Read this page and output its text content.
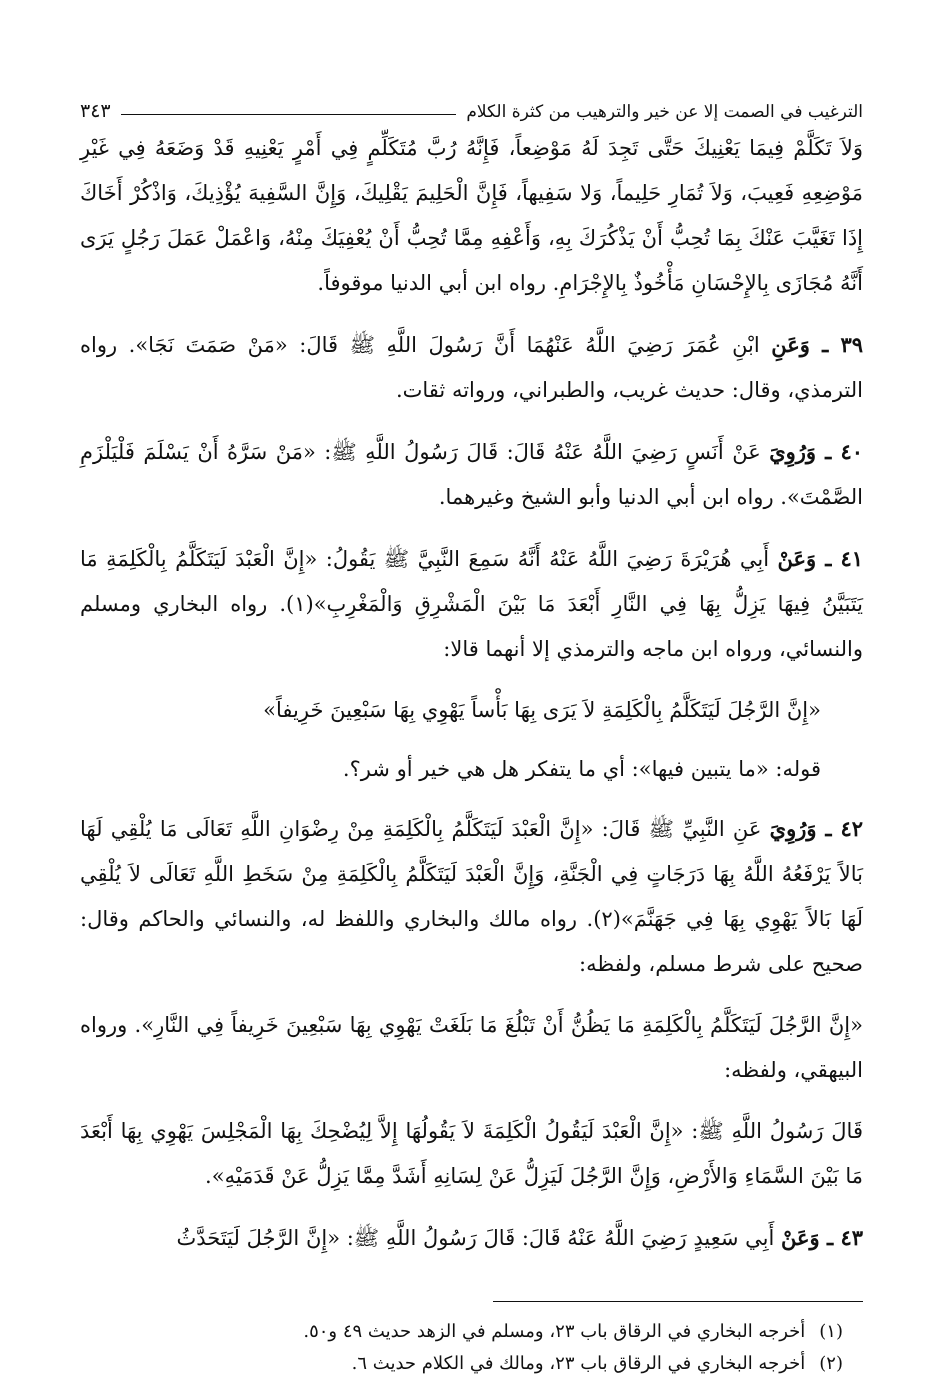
الترغيب في الصمت إلا عن خير والترهيب من كثرة الكلام
٣٤٣

وَلاَ تَكَلَّمْ فِيمَا يَعْنِيكَ حَتَّى تَجِدَ لَهُ مَوْضِعاً، فَإِنَّهُ رُبَّ مُتَكَلِّمٍ فِي أَمْرٍ يَعْنِيهِ قَدْ وَضَعَهُ فِي غَيْرِ مَوْضِعِهِ فَعِيبَ، وَلاَ تُمَارِ حَلِيماً، وَلا سَفِيهاً، فَإِنَّ الْحَلِيمَ يَقْلِيكَ، وَإِنَّ السَّفِيهَ يُؤْذِيكَ، وَاذْكُرْ أَخَاكَ إِذَا تَغَيَّبَ عَنْكَ بِمَا تُحِبُّ أَنْ يَذْكُرَكَ بِهِ، وَأَعْفِهِ مِمَّا تُحِبُّ أَنْ يُعْفِيَكَ مِنْهُ، وَاعْمَلْ عَمَلَ رَجُلٍ يَرَى أَنَّهُ مُجَازَى بِالإِحْسَانِ مَأْخُوذٌ بِالإِجْرَامِ. رواه ابن أبي الدنيا موقوفاً.

٣٩ ـ وَعَنِ ابْنِ عُمَرَ رَضِيَ اللَّهُ عَنْهُمَا أَنَّ رَسُولَ اللَّهِ ﷺ قَالَ: «مَنْ صَمَتَ نَجَا». رواه الترمذي، وقال: حديث غريب، والطبراني، ورواته ثقات.

٤٠ ـ وَرُوِيَ عَنْ أَنَسٍ رَضِيَ اللَّهُ عَنْهُ قَالَ: قَالَ رَسُولُ اللَّهِ ﷺ: «مَنْ سَرَّهُ أَنْ يَسْلَمَ فَلْيَلْزَمِ الصَّمْتَ». رواه ابن أبي الدنيا وأبو الشيخ وغيرهما.

٤١ ـ وَعَنْ أَبِي هُرَيْرَةَ رَضِيَ اللَّهُ عَنْهُ أَنَّهُ سَمِعَ النَّبِيَّ ﷺ يَقُولُ: «إِنَّ الْعَبْدَ لَيَتَكَلَّمُ بِالْكَلِمَةِ مَا يَتَبَيَّنُ فِيهَا يَزِلُّ بِهَا فِي النَّارِ أَبْعَدَ مَا بَيْنَ الْمَشْرِقِ وَالْمَغْرِبِ»(١). رواه البخاري ومسلم والنسائي، ورواه ابن ماجه والترمذي إلا أنهما قالا:

«إِنَّ الرَّجُلَ لَيَتَكَلَّمُ بِالْكَلِمَةِ لاَ يَرَى بِهَا بَأْساً يَهْوِي بِهَا سَبْعِينَ خَرِيفاً»

قوله: «ما يتبين فيها»: أي ما يتفكر هل هي خير أو شر؟.

٤٢ ـ وَرُوِيَ عَنِ النَّبِيِّ ﷺ قَالَ: «إِنَّ الْعَبْدَ لَيَتَكَلَّمُ بِالْكَلِمَةِ مِنْ رِضْوَانِ اللَّهِ تَعَالَى مَا يُلْقِي لَهَا بَالاً يَرْفَعُهُ اللَّهُ بِهَا دَرَجَاتٍ فِي الْجَنَّةِ، وَإِنَّ الْعَبْدَ لَيَتَكَلَّمُ بِالْكَلِمَةِ مِنْ سَخَطِ اللَّهِ تَعَالَى لاَ يُلْقِي لَهَا بَالاً يَهْوِي بِهَا فِي جَهَنَّمَ»(٢). رواه مالك والبخاري واللفظ له، والنسائي والحاكم وقال: صحيح على شرط مسلم، ولفظه:

«إِنَّ الرَّجُلَ لَيَتَكَلَّمُ بِالْكَلِمَةِ مَا يَظُنُّ أَنْ تَبْلُغَ مَا بَلَغَتْ يَهْوِي بِهَا سَبْعِينَ خَرِيفاً فِي النَّارِ». ورواه البيهقي، ولفظه:

قَالَ رَسُولُ اللَّهِ ﷺ: «إِنَّ الْعَبْدَ لَيَقُولُ الْكَلِمَةَ لاَ يَقُولُهَا إِلاَّ لِيُضْحِكَ بِهَا الْمَجْلِسَ يَهْوِي بِهَا أَبْعَدَ مَا بَيْنَ السَّمَاءِ وَالأَرْضِ، وَإِنَّ الرَّجُلَ لَيَزِلُّ عَنْ لِسَانِهِ أَشَدَّ مِمَّا يَزِلُّ عَنْ قَدَمَيْهِ».

٤٣ ـ وَعَنْ أَبِي سَعِيدٍ رَضِيَ اللَّهُ عَنْهُ قَالَ: قَالَ رَسُولُ اللَّهِ ﷺ: «إِنَّ الرَّجُلَ لَيَتَحَدَّثُ

(١)
أخرجه البخاري في الرقاق باب ٢٣، ومسلم في الزهد حديث ٤٩ و٥٠.
(٢)
أخرجه البخاري في الرقاق باب ٢٣، ومالك في الكلام حديث ٦.
